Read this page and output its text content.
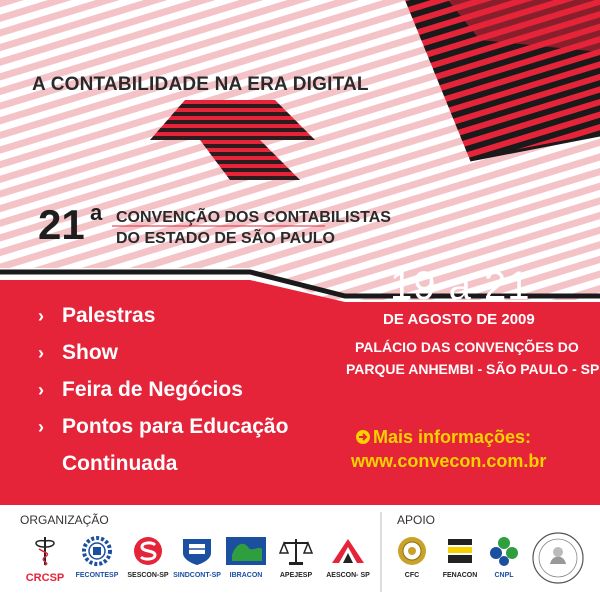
A CONTABILIDADE NA ERA DIGITAL
21 a CONVENÇÃO DOS CONTABILISTAS
DO ESTADO DE SÃO PAULO
› Palestras
› Show
› Feira de Negócios
› Pontos para Educação
Continuada
19 a 21
DE AGOSTO DE 2009
PALÁCIO DAS CONVENÇÕES DO
PARQUE ANHEMBI - SÃO PAULO - SP
Mais informações:
www.convecon.com.br
ORGANIZAÇÃO	APOIO
CRCSP	FECONTESP	SESCON-SP SINDCONT-SP	IBRACON	APEJESP	AESCON- SP	CFC	FENACON	CNPL
